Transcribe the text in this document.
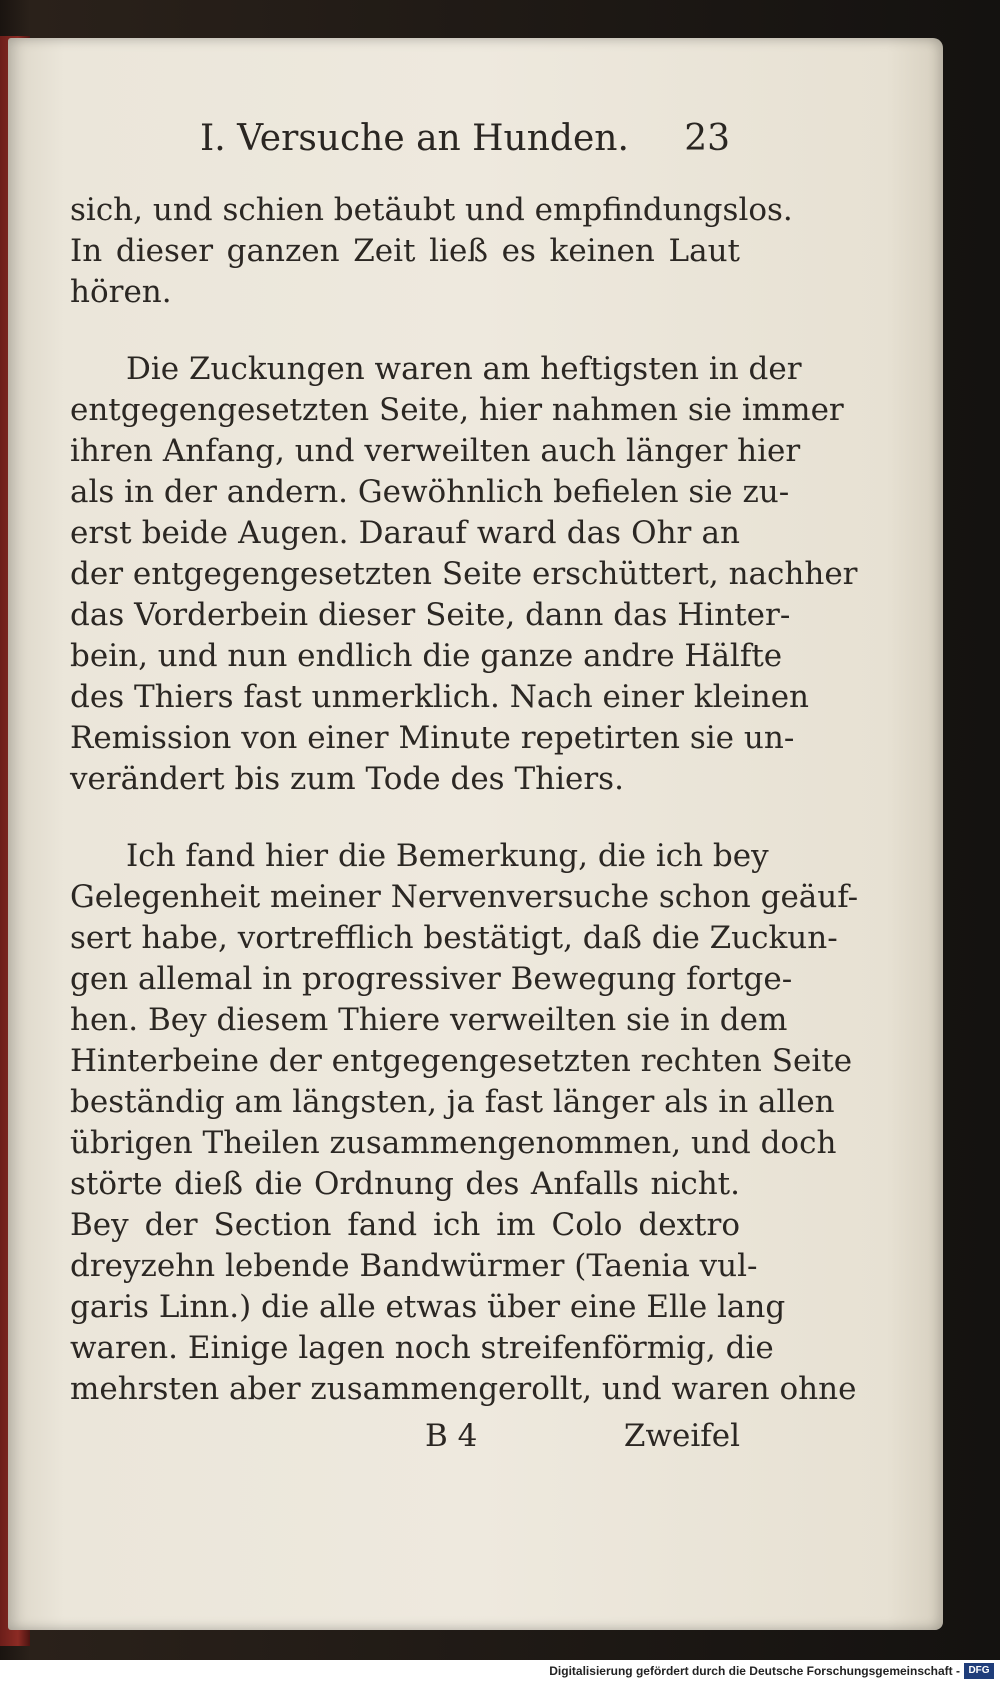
I. Versuche an Hunden. 23
sich, und schien betäubt und empfindungslos.
In dieser ganzen Zeit ließ es keinen Laut
hören.
Die Zuckungen waren am heftigsten in der
entgegengesetzten Seite, hier nahmen sie immer
ihren Anfang, und verweilten auch länger hier
als in der andern. Gewöhnlich befielen sie zu-
erst beide Augen. Darauf ward das Ohr an
der entgegengesetzten Seite erschüttert, nachher
das Vorderbein dieser Seite, dann das Hinter-
bein, und nun endlich die ganze andre Hälfte
des Thiers fast unmerklich. Nach einer kleinen
Remission von einer Minute repetirten sie un-
verändert bis zum Tode des Thiers.
Ich fand hier die Bemerkung, die ich bey
Gelegenheit meiner Nervenversuche schon geäuf-
sert habe, vortrefflich bestätigt, daß die Zuckun-
gen allemal in progressiver Bewegung fortge-
hen. Bey diesem Thiere verweilten sie in dem
Hinterbeine der entgegengesetzten rechten Seite
beständig am längsten, ja fast länger als in allen
übrigen Theilen zusammengenommen, und doch
störte dieß die Ordnung des Anfalls nicht.
Bey der Section fand ich im Colo dextro
dreyzehn lebende Bandwürmer (Taenia vul-
garis Linn.) die alle etwas über eine Elle lang
waren. Einige lagen noch streifenförmig, die
mehrsten aber zusammengerollt, und waren ohne
B 4	Zweifel
Digitalisierung gefördert durch die Deutsche Forschungsgemeinschaft - DFG
